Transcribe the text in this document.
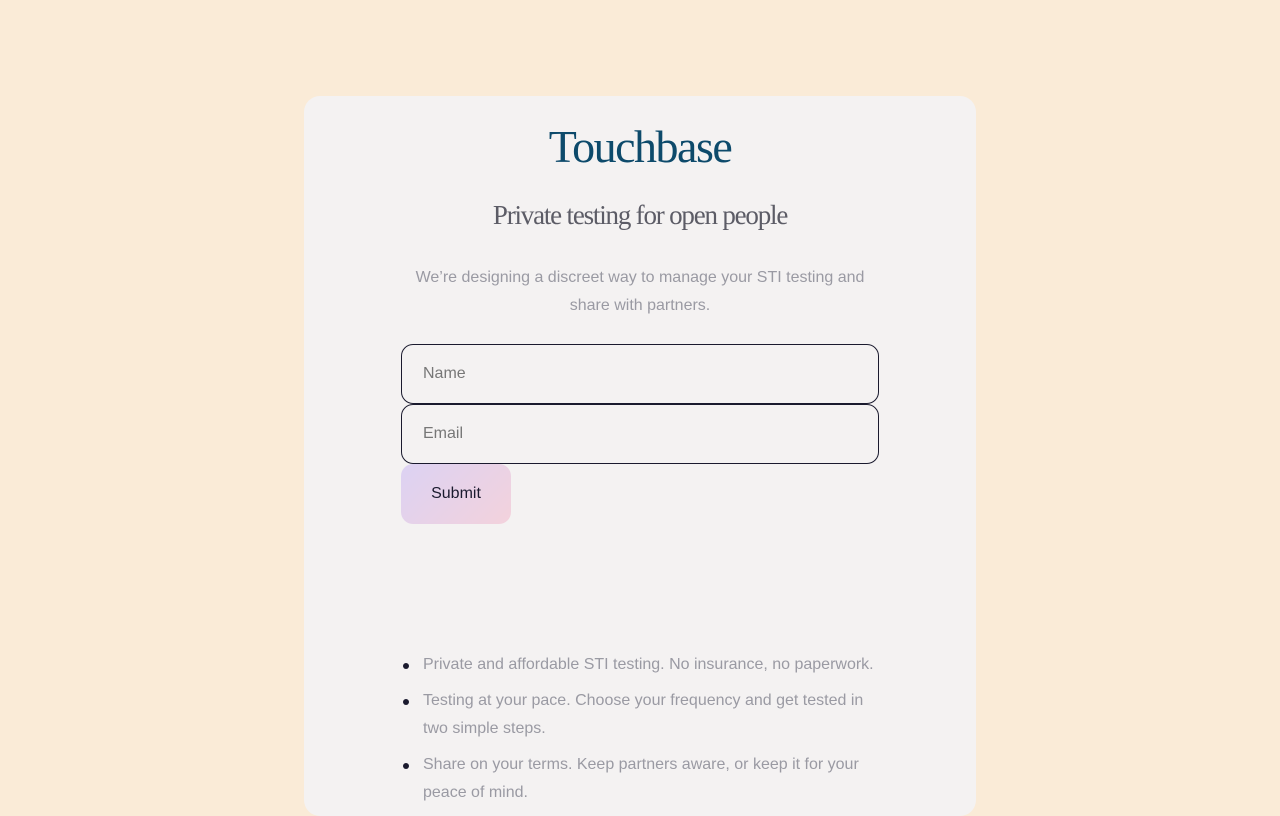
Touchbase
Private testing for open people

We’re designing a discreet way to manage your STI testing and share with partners.

Name
Email
Submit
Private and affordable STI testing. No insurance, no paperwork.
Testing at your pace. Choose your frequency and get tested in two simple steps.
Share on your terms. Keep partners aware, or keep it for your peace of mind.
